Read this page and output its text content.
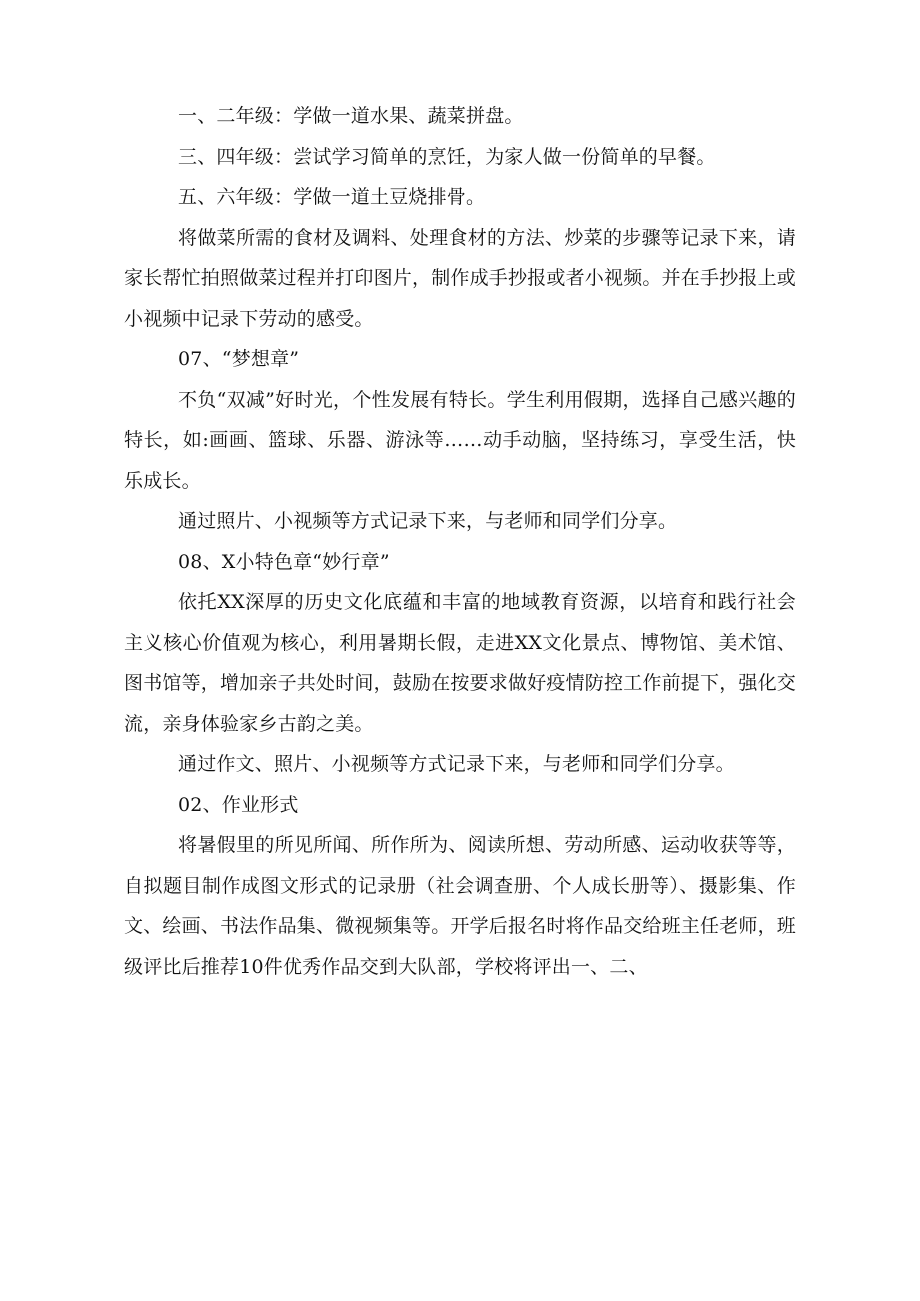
一、二年级：学做一道水果、蔬菜拼盘。

三、四年级：尝试学习简单的烹饪，为家人做一份简单的早餐。

五、六年级：学做一道土豆烧排骨。

将做菜所需的食材及调料、处理食材的方法、炒菜的步骤等记录下来，请家长帮忙拍照做菜过程并打印图片，制作成手抄报或者小视频。并在手抄报上或小视频中记录下劳动的感受。

07、“梦想章”

不负“双减”好时光，个性发展有特长。学生利用假期，选择自己感兴趣的特长，如:画画、篮球、乐器、游泳等……动手动脑，坚持练习，享受生活，快乐成长。

通过照片、小视频等方式记录下来，与老师和同学们分享。

08、X小特色章“妙行章”

依托XX深厚的历史文化底蕴和丰富的地域教育资源，以培育和践行社会主义核心价值观为核心，利用暑期长假，走进XX文化景点、博物馆、美术馆、图书馆等，增加亲子共处时间，鼓励在按要求做好疫情防控工作前提下，强化交流，亲身体验家乡古韵之美。

通过作文、照片、小视频等方式记录下来，与老师和同学们分享。

02、作业形式

将暑假里的所见所闻、所作所为、阅读所想、劳动所感、运动收获等等，自拟题目制作成图文形式的记录册（社会调查册、个人成长册等）、摄影集、作文、绘画、书法作品集、微视频集等。开学后报名时将作品交给班主任老师，班级评比后推荐10件优秀作品交到大队部，学校将评出一、二、
